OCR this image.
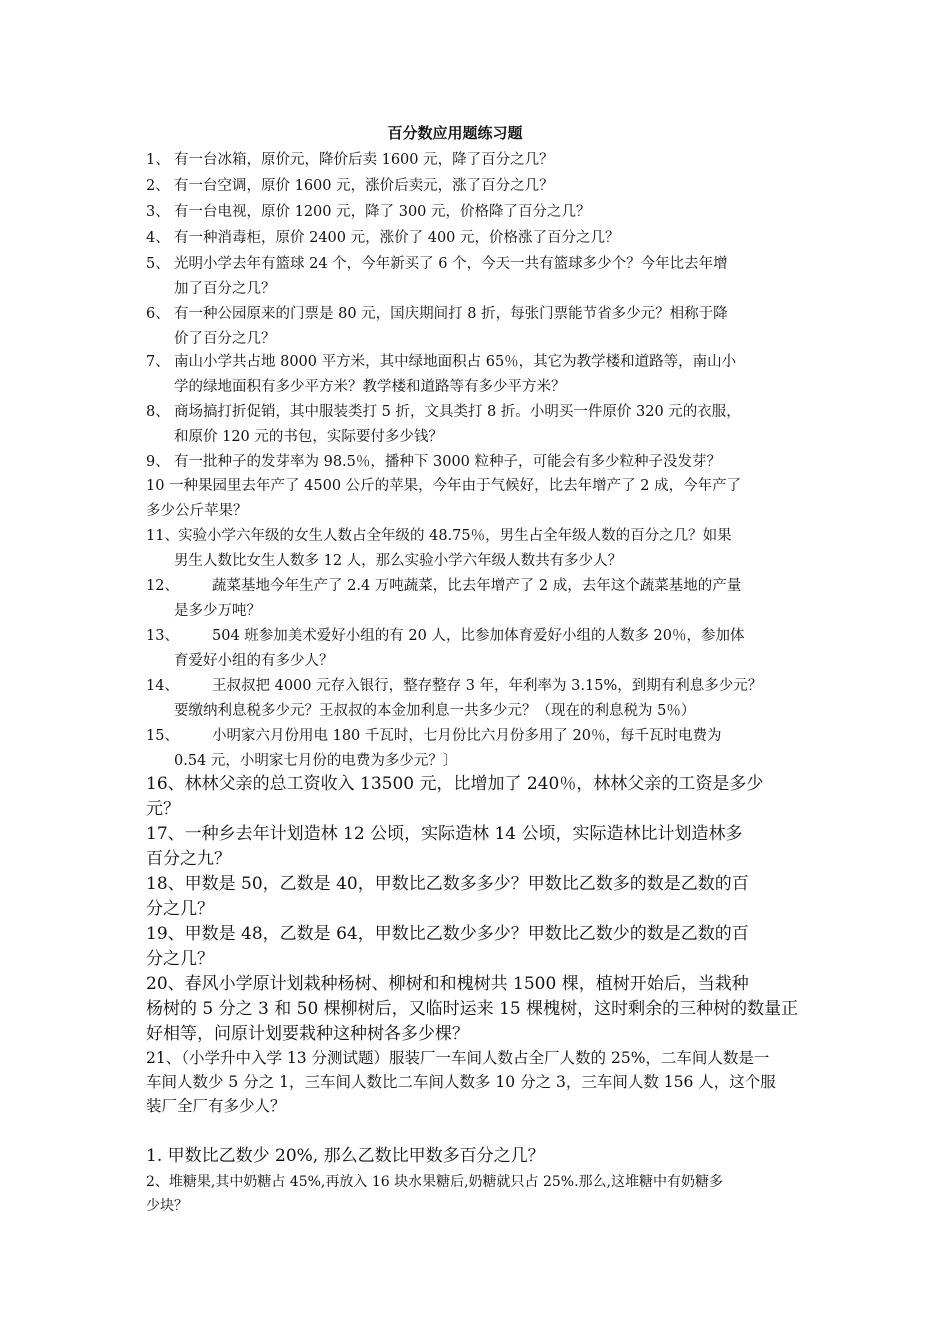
百分数应用题练习题
1、 有一台冰箱，原价元，降价后卖 1600 元，降了百分之几？
2、 有一台空调，原价 1600 元，涨价后卖元，涨了百分之几？
3、 有一台电视，原价 1200 元，降了 300 元，价格降了百分之几？
4、 有一种消毒柜，原价 2400 元，涨价了 400 元，价格涨了百分之几？
5、 光明小学去年有篮球 24 个，今年新买了 6 个，今天一共有篮球多少个？今年比去年增
加了百分之几？
6、 有一种公园原来的门票是 80 元，国庆期间打 8 折，每张门票能节省多少元？相称于降
价了百分之几？
7、 南山小学共占地 8000 平方米，其中绿地面积占 65％，其它为教学楼和道路等，南山小
学的绿地面积有多少平方米？教学楼和道路等有多少平方米？
8、 商场搞打折促销，其中服装类打 5 折，文具类打 8 折。小明买一件原价 320 元的衣服，
和原价 120 元的书包，实际要付多少钱？
9、 有一批种子的发芽率为 98.5％，播种下 3000 粒种子，可能会有多少粒种子没发芽？
10 一种果园里去年产了 4500 公斤的苹果，今年由于气候好，比去年增产了 2 成，今年产了
多少公斤苹果？
11、实验小学六年级的女生人数占全年级的 48.75％，男生占全年级人数的百分之几？如果
男生人数比女生人数多 12 人，那么实验小学六年级人数共有多少人？
12、 蔬菜基地今年生产了 2.4 万吨蔬菜，比去年增产了 2 成，去年这个蔬菜基地的产量
是多少万吨？
13、 504 班参加美术爱好小组的有 20 人，比参加体育爱好小组的人数多 20％，参加体
育爱好小组的有多少人？
14、 王叔叔把 4000 元存入银行，整存整存 3 年，年利率为 3.15%，到期有利息多少元？
要缴纳利息税多少元？王叔叔的本金加利息一共多少元？（现在的利息税为 5％）
15、 小明家六月份用电 180 千瓦时，七月份比六月份多用了 20％，每千瓦时电费为
0.54 元，小明家七月份的电费为多少元？〕
16、林林父亲的总工资收入 13500 元，比增加了 240％，林林父亲的工资是多少
元？
17、一种乡去年计划造林 12 公顷，实际造林 14 公顷，实际造林比计划造林多
百分之九？
18、甲数是 50，乙数是 40，甲数比乙数多多少？甲数比乙数多的数是乙数的百
分之几？
19、甲数是 48，乙数是 64，甲数比乙数少多少？甲数比乙数少的数是乙数的百
分之几？
20、春风小学原计划栽种杨树、柳树和和槐树共 1500 棵，植树开始后，当栽种
杨树的 5 分之 3 和 50 棵柳树后，又临时运来 15 棵槐树，这时剩余的三种树的数量正
好相等，问原计划要栽种这种树各多少棵？
21、（小学升中入学 13 分测试题）服装厂一车间人数占全厂人数的 25%，二车间人数是一
车间人数少 5 分之 1，三车间人数比二车间人数多 10 分之 3，三车间人数 156 人，这个服
装厂全厂有多少人？
1. 甲数比乙数少 20%, 那么乙数比甲数多百分之几？
2、堆糖果,其中奶糖占 45%,再放入 16 块水果糖后,奶糖就只占 25%.那么,这堆糖中有奶糖多
少块？
